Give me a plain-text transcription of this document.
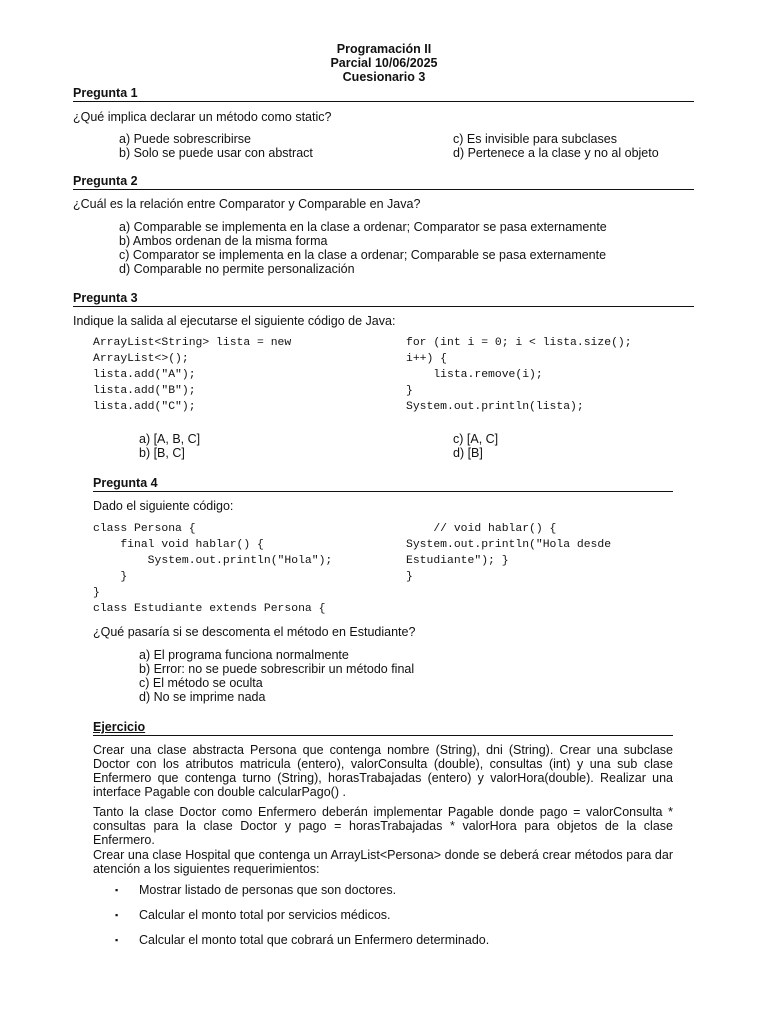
Programación II
Parcial 10/06/2025
Cuesionario 3
Pregunta 1
¿Qué implica declarar un método como static?
a) Puede sobrescribirse
b) Solo se puede usar con abstract
c) Es invisible para subclases
d) Pertenece a la clase y no al objeto
Pregunta 2
¿Cuál es la relación entre Comparator y Comparable en Java?
a) Comparable se implementa en la clase a ordenar; Comparator se pasa externamente
b) Ambos ordenan de la misma forma
c) Comparator se implementa en la clase a ordenar; Comparable se pasa externamente
d) Comparable no permite personalización
Pregunta 3
Indique la salida al ejecutarse el siguiente código de Java:
ArrayList<String> lista = new
ArrayList<>();
lista.add("A");
lista.add("B");
lista.add("C");
for (int i = 0; i < lista.size();
i++) {
lista.remove(i);
}
System.out.println(lista);
a) [A, B, C]
b) [B, C]
c) [A, C]
d) [B]
Pregunta 4
Dado el siguiente código:
class Persona {
final void hablar() {
System.out.println("Hola");
}
}
class Estudiante extends Persona {
// void hablar() {
System.out.println("Hola desde
Estudiante"); }
}
¿Qué pasaría si se descomenta el método en Estudiante?
a) El programa funciona normalmente
b) Error: no se puede sobrescribir un método final
c) El método se oculta
d) No se imprime nada
Ejercicio
Crear una clase abstracta Persona que contenga nombre (String), dni (String). Crear una subclase Doctor con los atributos matricula (entero), valorConsulta (double), consultas (int) y una sub clase Enfermero que contenga turno (String), horasTrabajadas (entero) y valorHora(double). Realizar una interface Pagable con double calcularPago() .
Tanto la clase Doctor como Enfermero deberán implementar Pagable donde pago = valorConsulta * consultas para la clase Doctor y pago = horasTrabajadas * valorHora para objetos de la clase Enfermero.
Crear una clase Hospital que contenga un ArrayList<Persona> donde se deberá crear métodos para dar atención a los siguientes requerimientos:
▪ Mostrar listado de personas que son doctores.
▪ Calcular el monto total por servicios médicos.
▪ Calcular el monto total que cobrará un Enfermero determinado.
